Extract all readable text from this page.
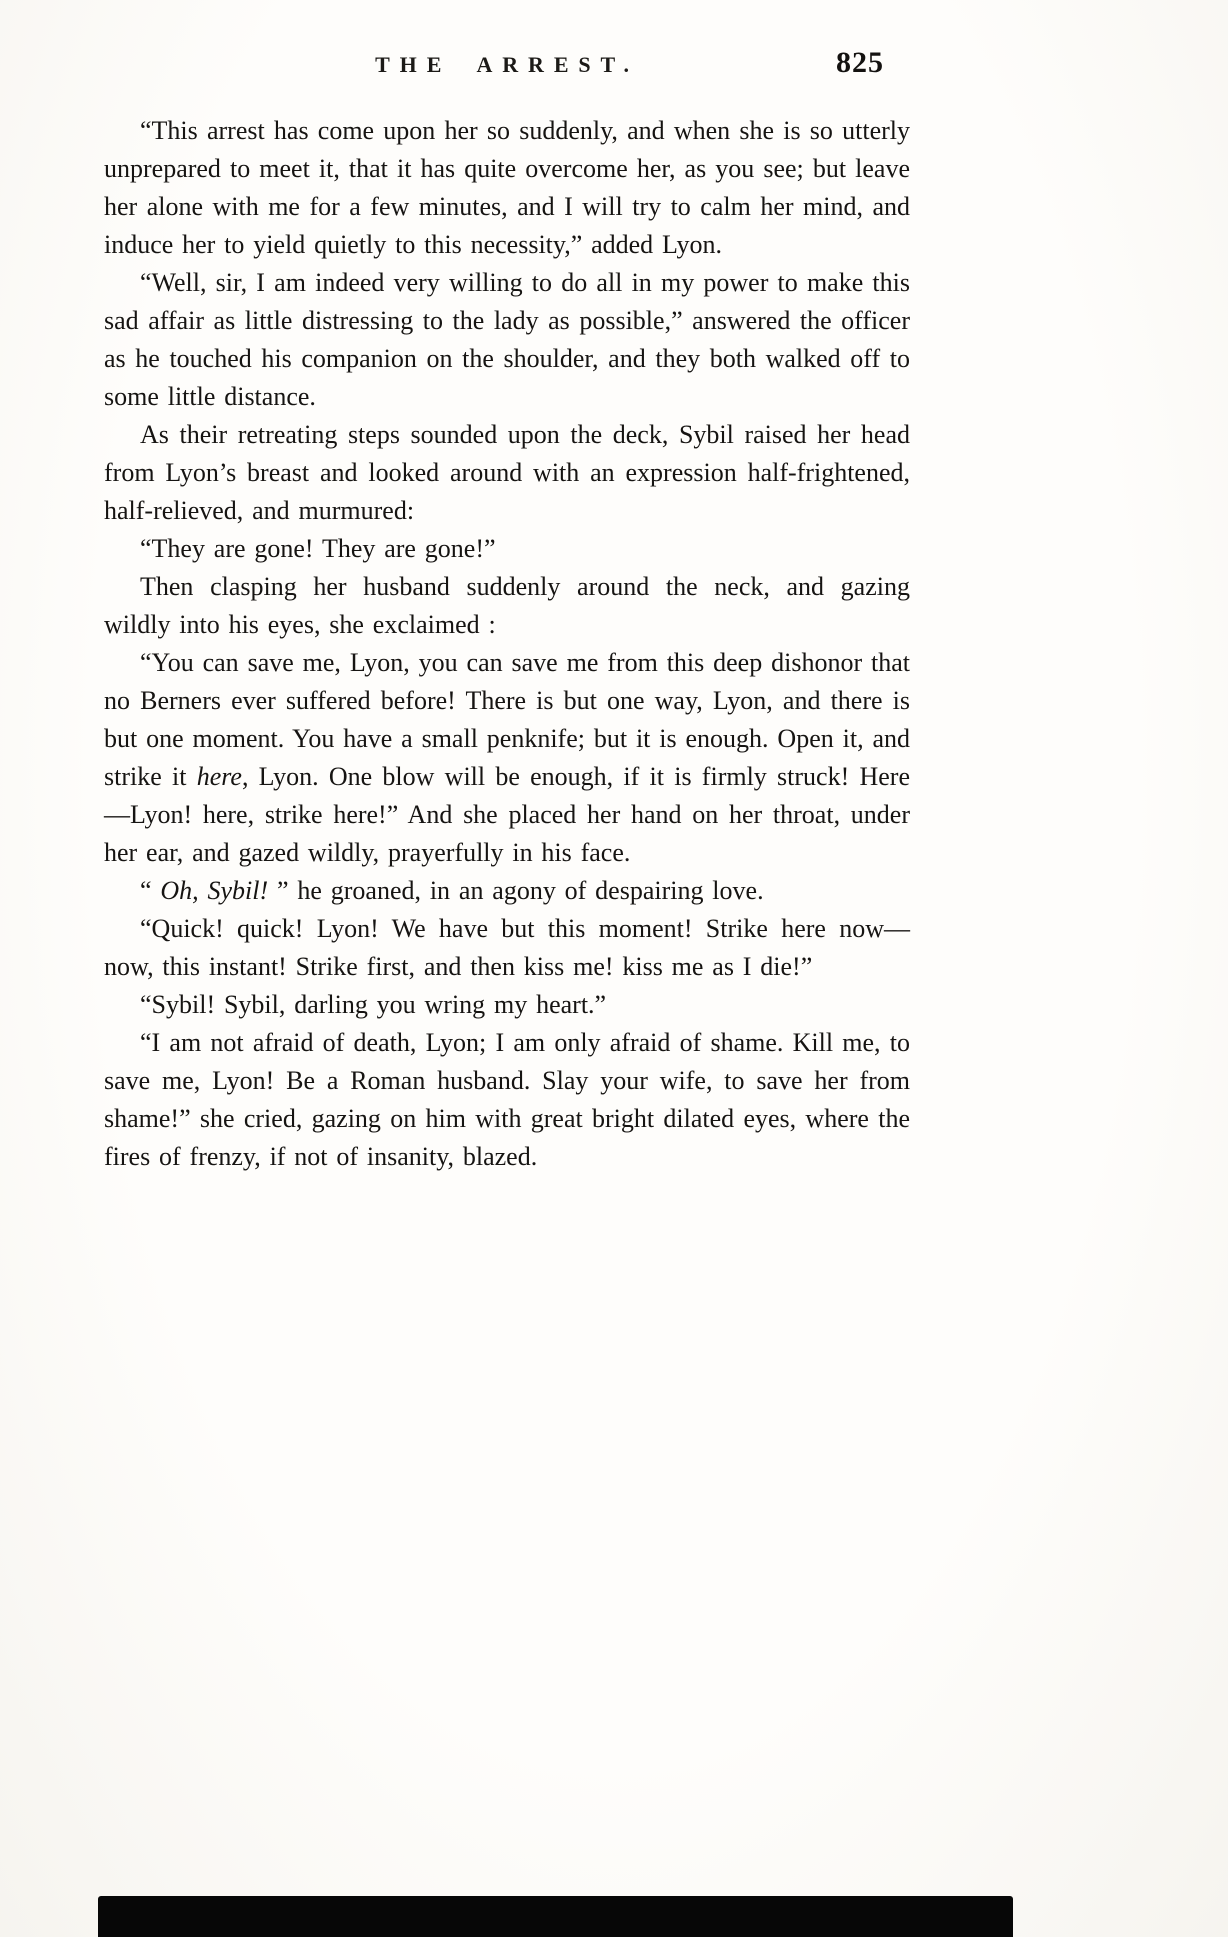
THE ARREST.	825

“This arrest has come upon her so suddenly, and when she is so utterly unprepared to meet it, that it has quite overcome her, as you see; but leave her alone with me for a few minutes, and I will try to calm her mind, and induce her to yield quietly to this necessity,” added Lyon.

“Well, sir, I am indeed very willing to do all in my power to make this sad affair as little distressing to the lady as possible,” answered the officer as he touched his companion on the shoulder, and they both walked off to some little distance.

As their retreating steps sounded upon the deck, Sybil raised her head from Lyon’s breast and looked around with an expression half-frightened, half-relieved, and murmured:

“They are gone! They are gone!”

Then clasping her husband suddenly around the neck, and gazing wildly into his eyes, she exclaimed :

“You can save me, Lyon, you can save me from this deep dishonor that no Berners ever suffered before! There is but one way, Lyon, and there is but one moment. You have a small penknife; but it is enough. Open it, and strike it here, Lyon. One blow will be enough, if it is firmly struck! Here—Lyon! here, strike here!” And she placed her hand on her throat, under her ear, and gazed wildly, prayerfully in his face.

“ Oh, Sybil! ” he groaned, in an agony of despairing love.

“Quick! quick! Lyon! We have but this moment! Strike here now—now, this instant! Strike first, and then kiss me! kiss me as I die!”

“Sybil! Sybil, darling you wring my heart.”

“I am not afraid of death, Lyon; I am only afraid of shame. Kill me, to save me, Lyon! Be a Roman husband. Slay your wife, to save her from shame!” she cried, gazing on him with great bright dilated eyes, where the fires of frenzy, if not of insanity, blazed.
